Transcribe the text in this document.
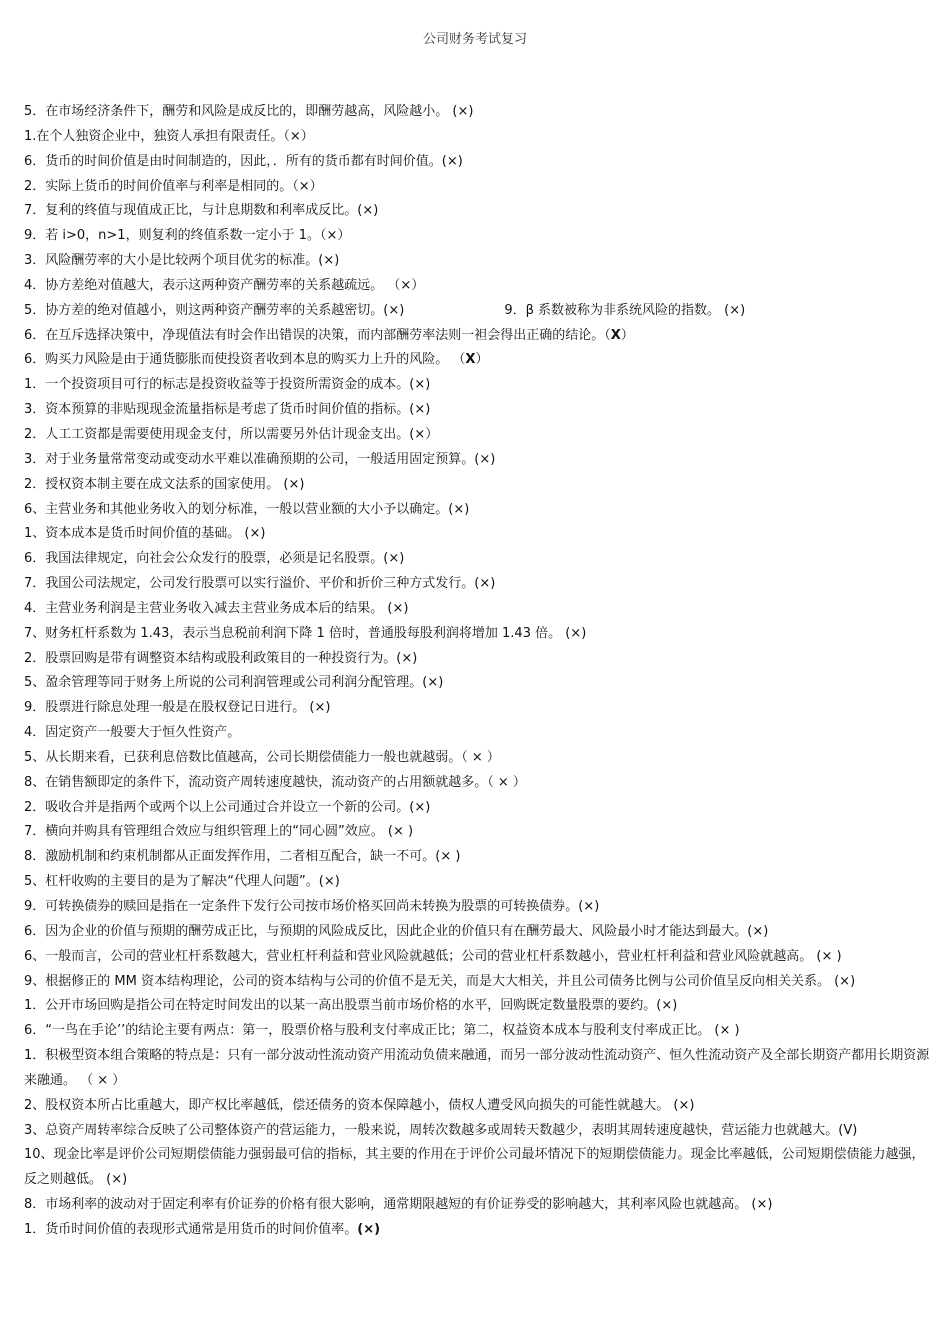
公司财务考试复习
5．在市场经济条件下，酬劳和风险是成反比的，即酬劳越高，风险越小。 (×)
1.在个人独资企业中，独资人承担有限责任。（×）
6．货币的时间价值是由时间制造的，因此，．所有的货币都有时间价值。(×)
2．实际上货币的时间价值率与利率是相同的。（×）
7．复利的终值与现值成正比，与计息期数和利率成反比。(×)
9．若 i>0，n>1，则复利的终值系数一定小于 1。（×）
3．风险酬劳率的大小是比较两个项目优劣的标准。(×)
4．协方差绝对值越大，表示这两种资产酬劳率的关系越疏远。 （×）
5．协方差的绝对值越小，则这两种资产酬劳率的关系越密切。(×)	9．β 系数被称为非系统风险的指数。 (×)
6．在互斥选择决策中，净现值法有时会作出错误的决策，而内部酬劳率法则一袒会得出正确的结论。（X）
6．购买力风险是由于通货膨胀而使投资者收到本息的购买力上升的风险。 （X）
1．一个投资项目可行的标志是投资收益等于投资所需资金的成本。(×)
3．资本预算的非贴现现金流量指标是考虑了货币时间价值的指标。(×)
2．人工工资都是需要使用现金支付，所以需要另外估计现金支出。(×）
3．对于业务量常常变动或变动水平难以准确预期的公司，一般适用固定预算。(×)
2．授权资本制主要在成文法系的国家使用。 (×)
6、主营业务和其他业务收入的划分标准，一般以营业额的大小予以确定。(×)
1、资本成本是货币时间价值的基础。 (×)
6．我国法律规定，向社会公众发行的股票，必须是记名股票。(×)
7．我国公司法规定，公司发行股票可以实行溢价、平价和折价三种方式发行。(×)
4．主营业务利润是主营业务收入减去主营业务成本后的结果。 (×)
7、财务杠杆系数为 1.43，表示当息税前利润下降 1 倍时，普通股每股利润将增加 1.43 倍。 (×)
2．股票回购是带有调整资本结构或股利政策目的一种投资行为。(×)
5、盈余管理等同于财务上所说的公司利润管理或公司利润分配管理。(×)
9．股票进行除息处理一般是在股权登记日进行。 (×)
4．固定资产一般要大于恒久性资产。
5、从长期来看，已获利息倍数比值越高，公司长期偿债能力一般也就越弱。（ × ）
8、在销售额即定的条件下，流动资产周转速度越快，流动资产的占用额就越多。（ × ）
2．吸收合并是指两个或两个以上公司通过合并设立一个新的公司。(×)
7．横向并购具有管理组合效应与组织管理上的“同心圆”效应。 (× )
8．激励机制和约束机制都从正面发挥作用，二者相互配合，缺一不可。(× )
5、杠杆收购的主要目的是为了解决“代理人问题”。(×)
9．可转换债券的赎回是指在一定条件下发行公司按市场价格买回尚未转换为股票的可转换债券。(×)
6．因为企业的价值与预期的酬劳成正比，与预期的风险成反比，因此企业的价值只有在酬劳最大、风险最小时才能达到最大。(×)
6、一般而言，公司的营业杠杆系数越大，营业杠杆利益和营业风险就越低；公司的营业杠杆系数越小，营业杠杆利益和营业风险就越高。 (× )
9、根据修正的 MM 资本结构理论，公司的资本结构与公司的价值不是无关，而是大大相关，并且公司债务比例与公司价值呈反向相关关系。 (×)
1．公开市场回购是指公司在特定时间发出的以某一高出股票当前市场价格的水平，回购既定数量股票的要约。(×)
6．“一鸟在手论’’的结论主要有两点：第一，股票价格与股利支付率成正比；第二，权益资本成本与股利支付率成正比。 (× )
1．积极型资本组合策略的特点是：只有一部分波动性流动资产用流动负债来融通，而另一部分波动性流动资产、恒久性流动资产及全部长期资产都用长期资源来融通。 （ × ）
2、股权资本所占比重越大，即产权比率越低，偿还债务的资本保障越小，债权人遭受风向损失的可能性就越大。 (×)
3、总资产周转率综合反映了公司整体资产的营运能力，一般来说，周转次数越多或周转天数越少，表明其周转速度越快，营运能力也就越大。(V)
10、现金比率是评价公司短期偿债能力强弱最可信的指标，其主要的作用在于评价公司最坏情况下的短期偿债能力。现金比率越低，公司短期偿债能力越强，反之则越低。 (×)
8．市场利率的波动对于固定利率有价证券的价格有很大影响，通常期限越短的有价证券受的影响越大，其利率风险也就越高。 (×)
1．货币时间价值的表现形式通常是用货币的时间价值率。(×)
